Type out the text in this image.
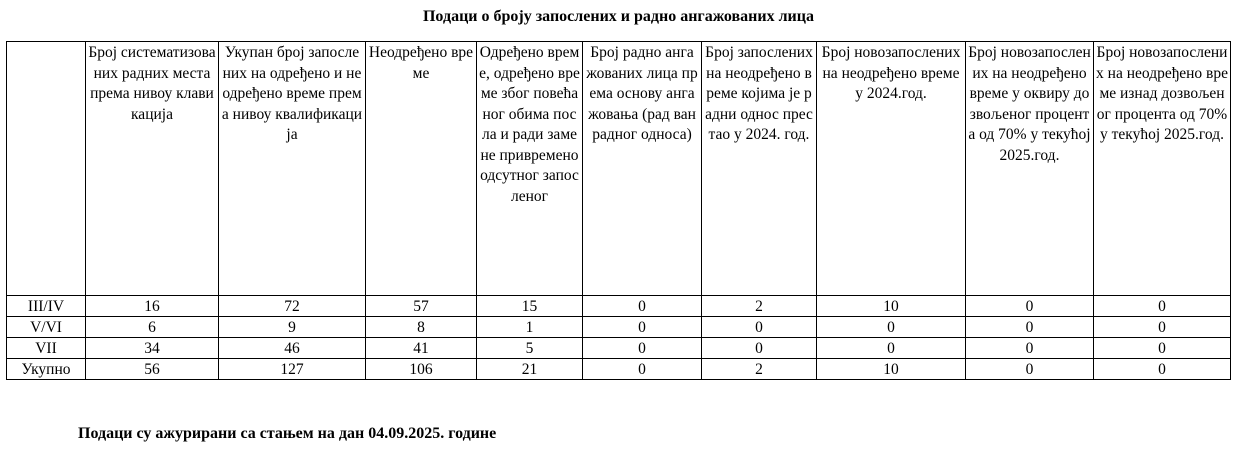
Подаци о броју запослених и радно ангажованих лица

	Број систематизованих радних места према нивоу клавикација	Укупан број запослених на одређено и неодређено време према нивоу квалификација	Неодређено време	Одређено време, одређено време због повећаног обима посла и ради замене привремено одсутног запосленог	Број радно ангажованих лица према основу ангажовања (рад ван радног односа)	Број запослених на неодређено време којима је радни однос престао у 2024. год.	Број новозапослених на неодређено време у 2024.год.	Број новозапослених на неодређено време у оквиру дозвољеног процента од 70% у текућој 2025.год.	Број новозапослених на неодређено време изнад дозвољеног процента од 70% у текућој 2025.год.

III/IV	16	72	57	15	0	2	10	0	0
V/VI	6	9	8	1	0	0	0	0	0
VII	34	46	41	5	0	0	0	0	0
Укупно	56	127	106	21	0	2	10	0	0
Подаци су ажурирани са стањем на дан 04.09.2025. године
